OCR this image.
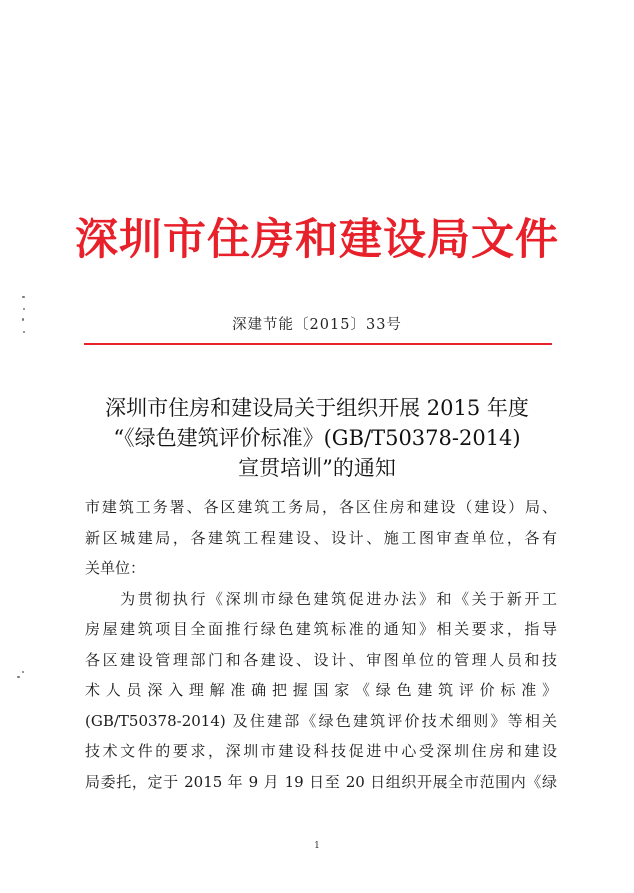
深圳市住房和建设局文件
深建节能〔2015〕33号
深圳市住房和建设局关于组织开展 2015 年度
“《绿色建筑评价标准》(GB/T50378-2014)
宣贯培训”的通知
市建筑工务署、各区建筑工务局，各区住房和建设（建设）局、
新区城建局，各建筑工程建设、设计、施工图审查单位，各有
关单位：
　　为贯彻执行《深圳市绿色建筑促进办法》和《关于新开工
房屋建筑项目全面推行绿色建筑标准的通知》相关要求，指导
各区建设管理部门和各建设、设计、审图单位的管理人员和技
术人员深入理解准确把握国家《绿色建筑评价标准》
(GB/T50378-2014) 及住建部《绿色建筑评价技术细则》等相关
技术文件的要求，深圳市建设科技促进中心受深圳住房和建设
局委托，定于 2015 年 9 月 19 日至 20 日组织开展全市范围内《绿
1
